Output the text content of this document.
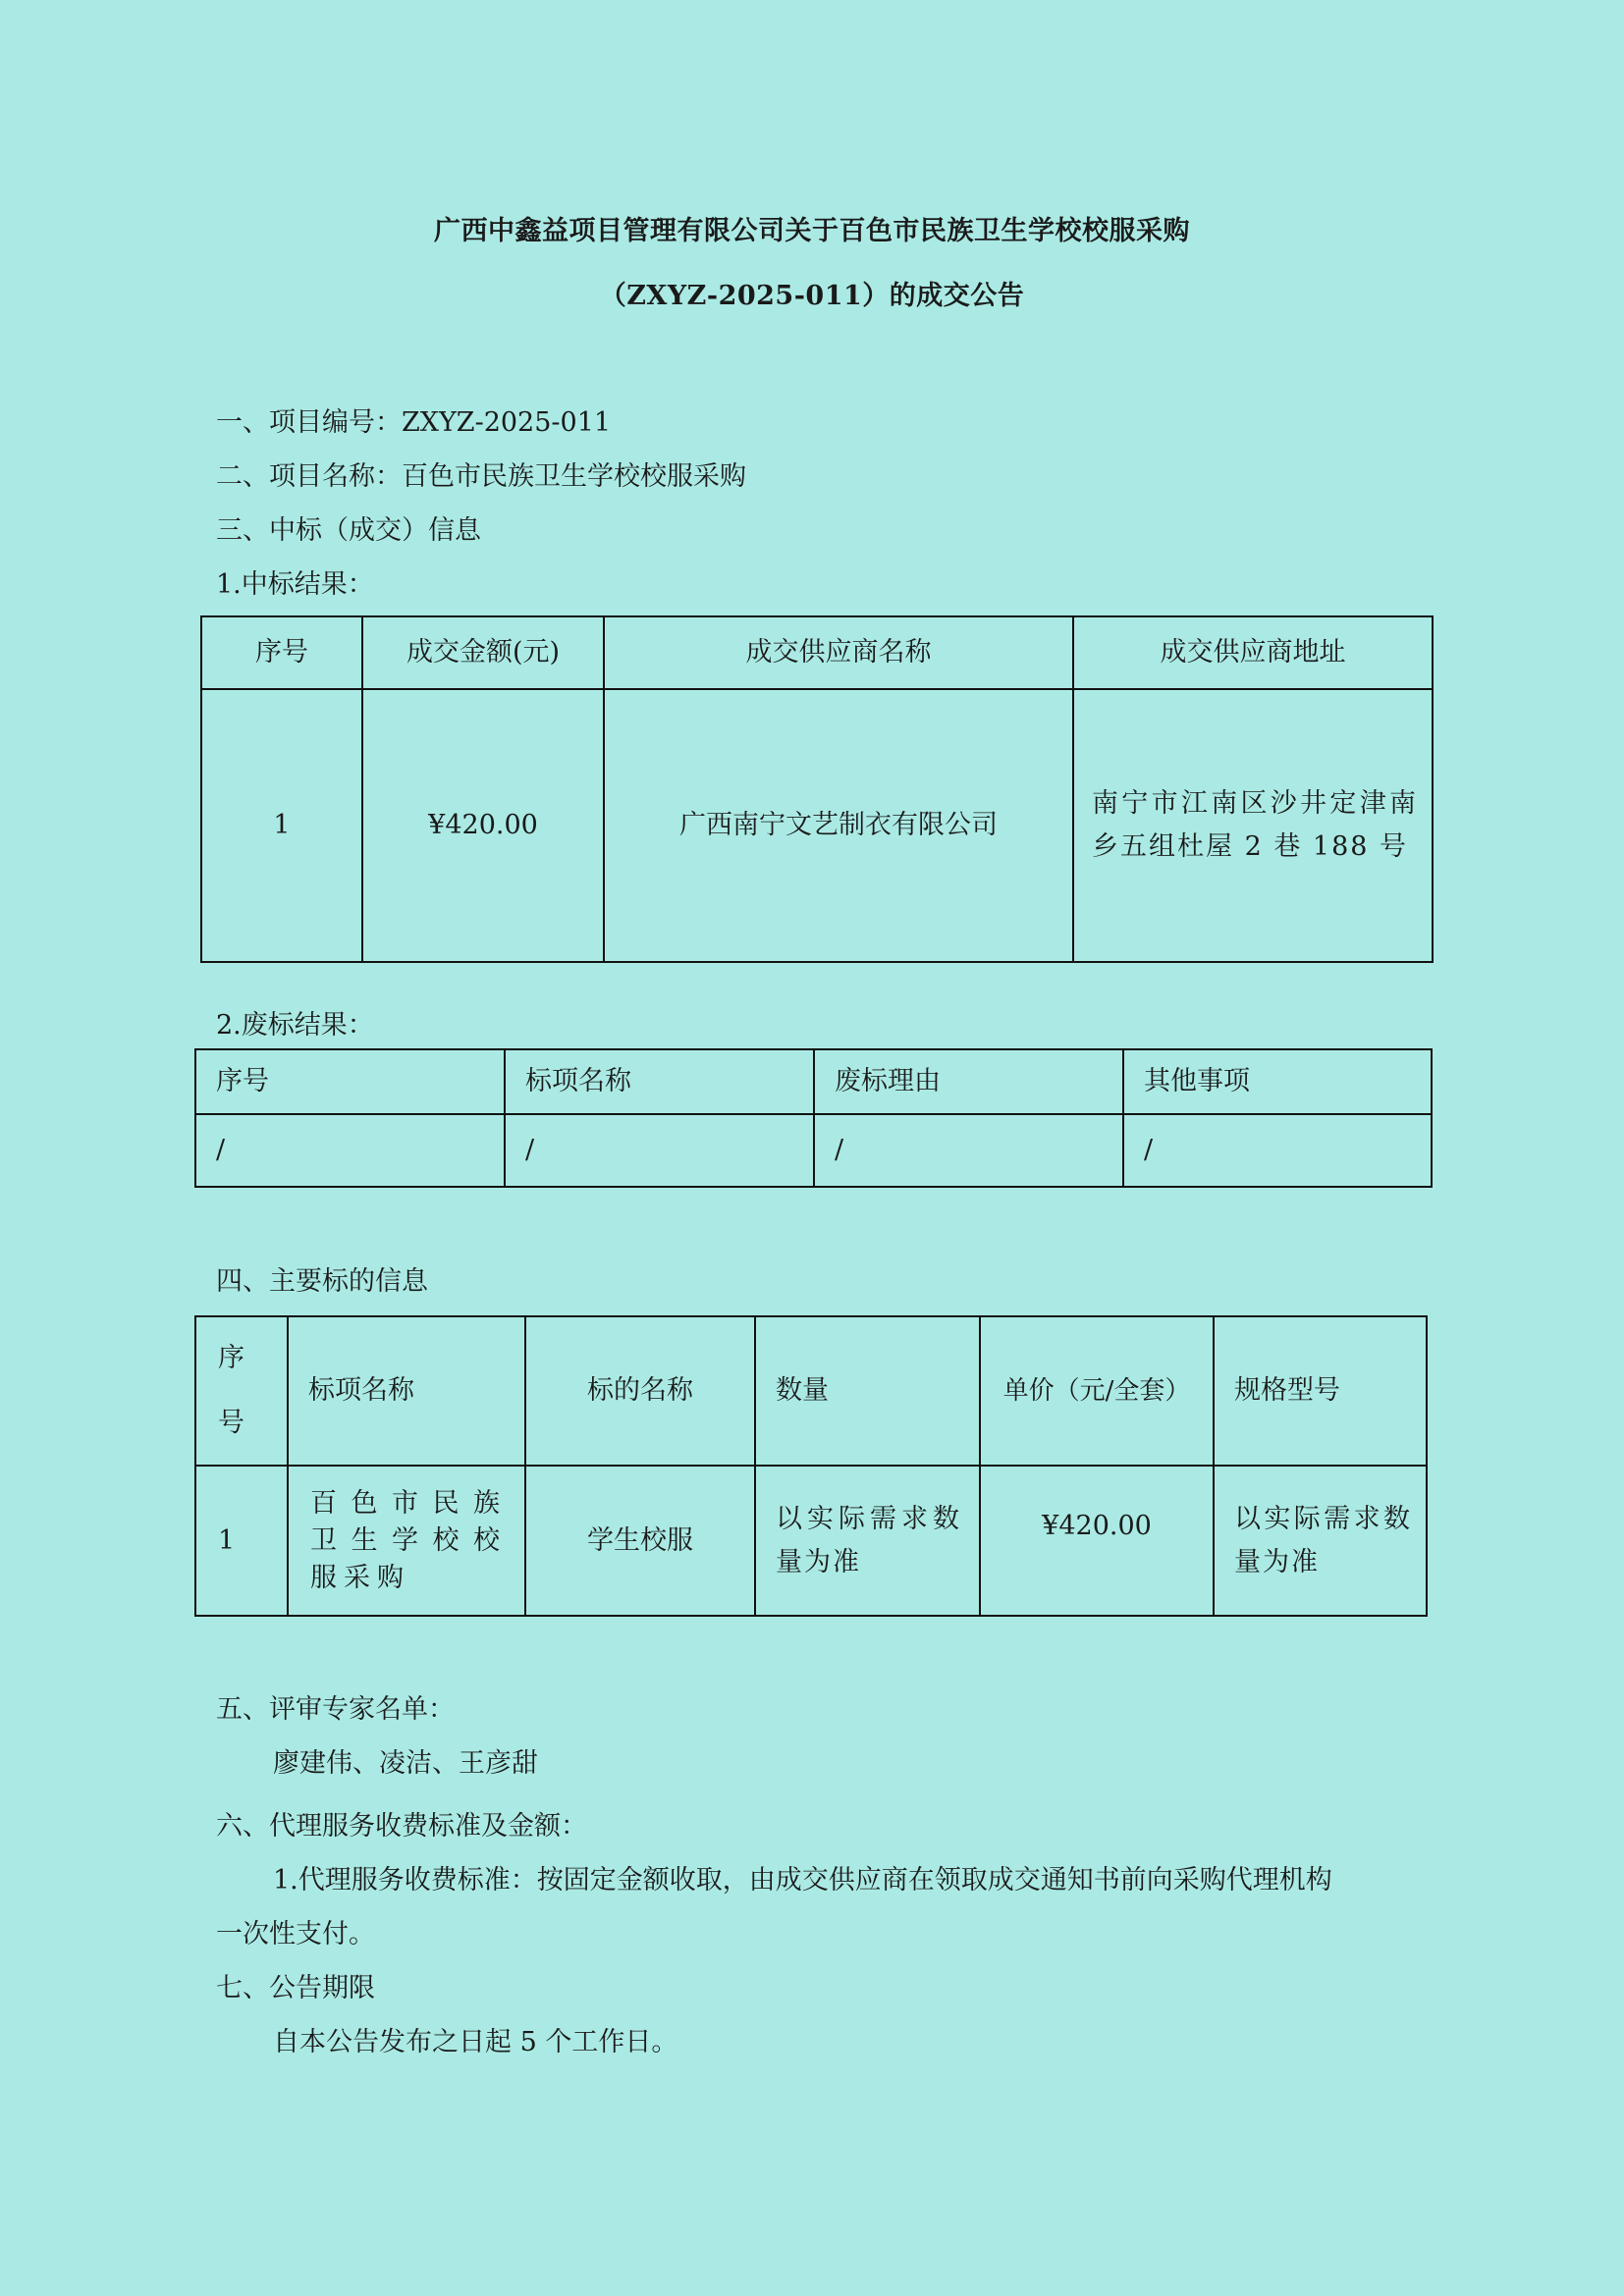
广西中鑫益项目管理有限公司关于百色市民族卫生学校校服采购
（ZXYZ-2025-011）的成交公告
一、项目编号：ZXYZ-2025-011
二、项目名称：百色市民族卫生学校校服采购
三、中标（成交）信息
1.中标结果：
序号	成交金额(元)	成交供应商名称	成交供应商地址
1	¥420.00	广西南宁文艺制衣有限公司	南宁市江南区沙井定津南乡五组杜屋 2 巷 188 号
2.废标结果：
序号	标项名称	废标理由	其他事项
/	/	/	/
四、主要标的信息
序号	标项名称	标的名称	数量	单价（元/全套）	规格型号
1	百色市民族卫生学校校服采购	学生校服	以实际需求数量为准	¥420.00	以实际需求数量为准
五、评审专家名单：
廖建伟、凌洁、王彦甜
六、代理服务收费标准及金额：
1.代理服务收费标准：按固定金额收取，由成交供应商在领取成交通知书前向采购代理机构
一次性支付。
七、公告期限
自本公告发布之日起 5 个工作日。
